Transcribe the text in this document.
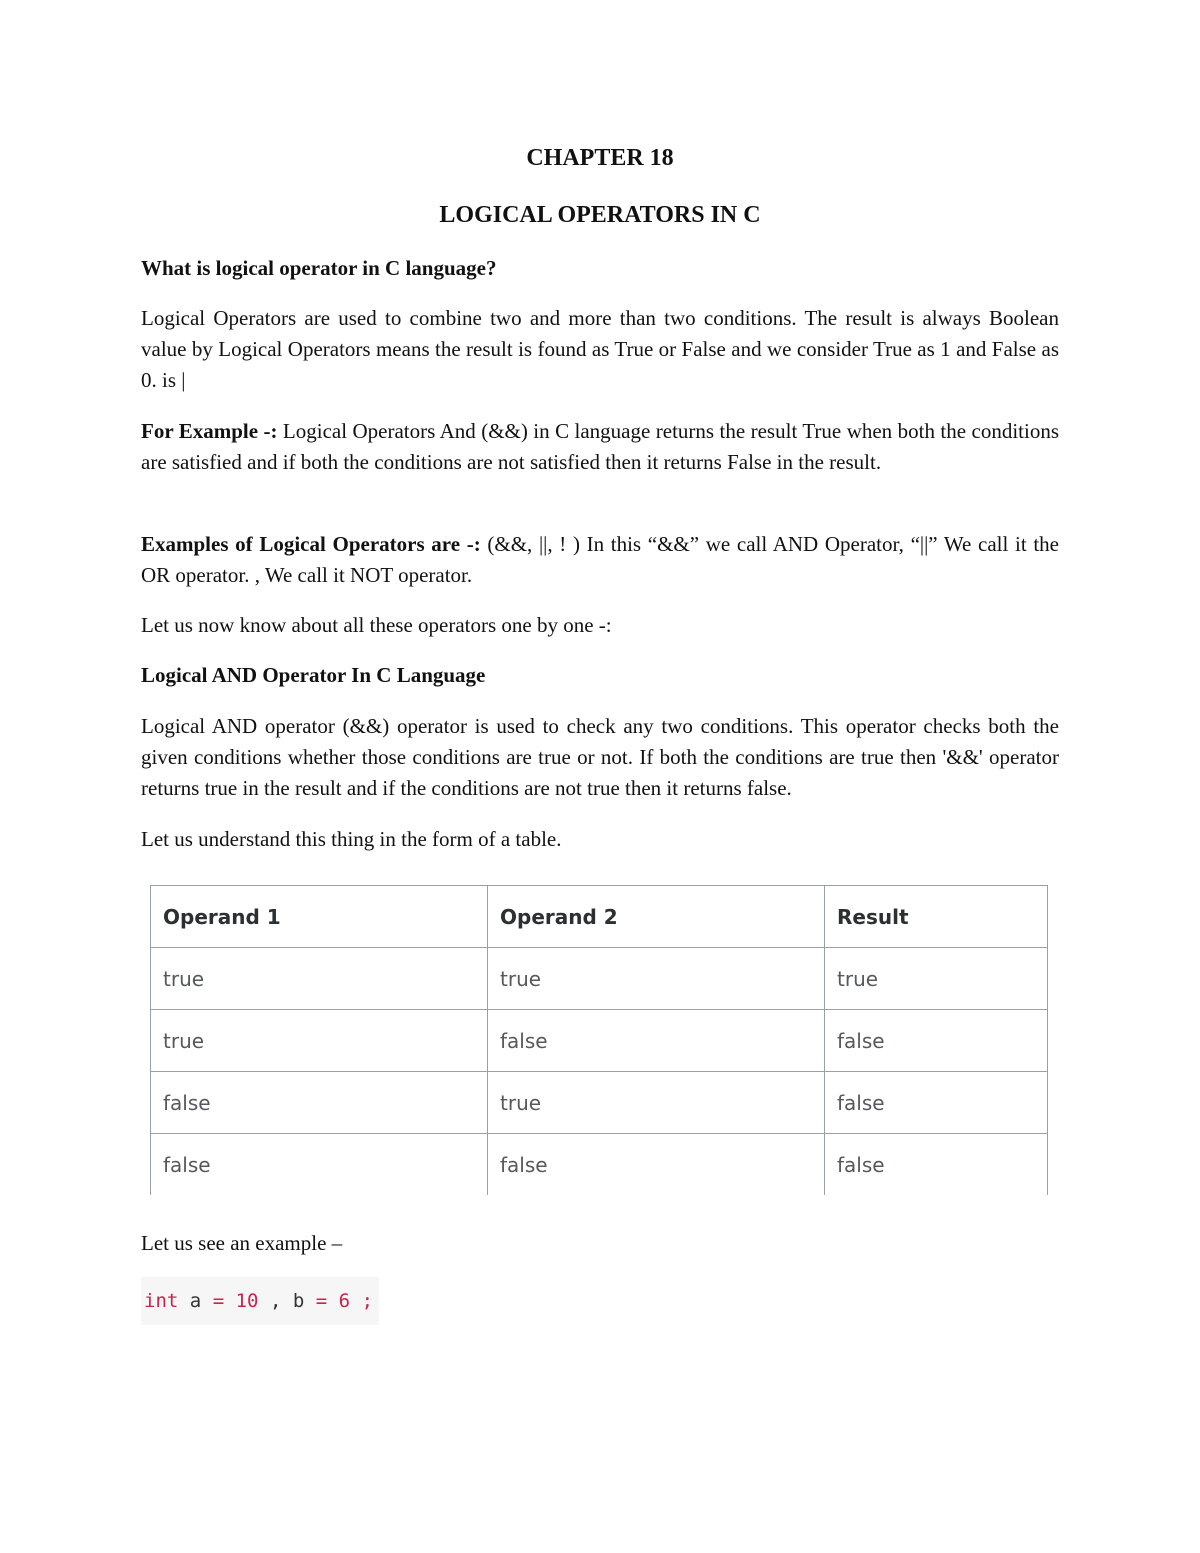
CHAPTER 18
LOGICAL OPERATORS IN C
What is logical operator in C language?
Logical Operators are used to combine two and more than two conditions. The result is always Boolean value by Logical Operators means the result is found as True or False and we consider True as 1 and False as 0. is |
For Example -: Logical Operators And (&&) in C language returns the result True when both the conditions are satisfied and if both the conditions are not satisfied then it returns False in the result.
Examples of Logical Operators are -: (&&, ||, ! ) In this “&&” we call AND Operator, “||” We call it the OR operator. , We call it NOT operator.
Let us now know about all these operators one by one -:
Logical AND Operator In C Language
Logical AND operator (&&) operator is used to check any two conditions. This operator checks both the given conditions whether those conditions are true or not. If both the conditions are true then '&&' operator returns true in the result and if the conditions are not true then it returns false.
Let us understand this thing in the form of a table.
Operand 1	Operand 2	Result
true	true	true
true	false	false
false	true	false
false	false	false
Let us see an example –
int a = 10 , b = 6 ;
